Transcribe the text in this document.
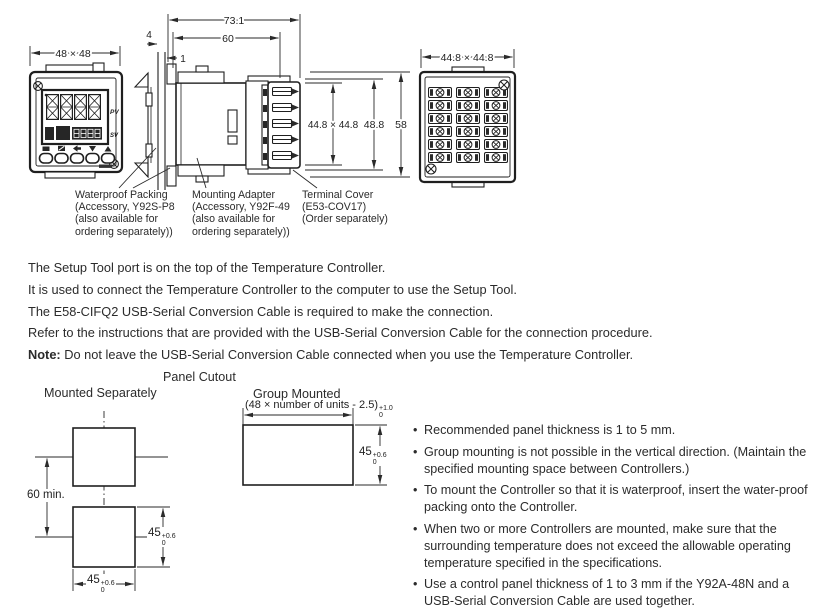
48 × 48
PV
SV
73.1
60
4
1
44.8 × 44.8 48.8 58
44.8 × 44.8
Waterproof Packing
(Accessory, Y92S-P8
(also available for
ordering separately))
Mounting Adapter
(Accessory, Y92F-49
(also available for
ordering separately))
Terminal Cover
(E53-COV17)
(Order separately)

The Setup Tool port is on the top of the Temperature Controller.

It is used to connect the Temperature Controller to the computer to use the Setup Tool.

The E58-CIFQ2 USB-Serial Conversion Cable is required to make the connection.

Refer to the instructions that are provided with the USB-Serial Conversion Cable for the connection procedure.

Note: Do not leave the USB-Serial Conversion Cable connected when you use the Temperature Controller.

Panel Cutout
Mounted Separately	Group Mounted
(48 × number of units - 2.5) +1.0
0
60 min.
45 +0.6
0
45 +0.6
0
45 +0.6
0
• Recommended panel thickness is 1 to 5 mm.
• Group mounting is not possible in the vertical direction. (Maintain the specified mounting space between Controllers.)
• To mount the Controller so that it is waterproof, insert the water-proof packing onto the Controller.
• When two or more Controllers are mounted, make sure that the surrounding temperature does not exceed the allowable operating temperature specified in the specifications.
• Use a control panel thickness of 1 to 3 mm if the Y92A-48N and a USB-Serial Conversion Cable are used together.
